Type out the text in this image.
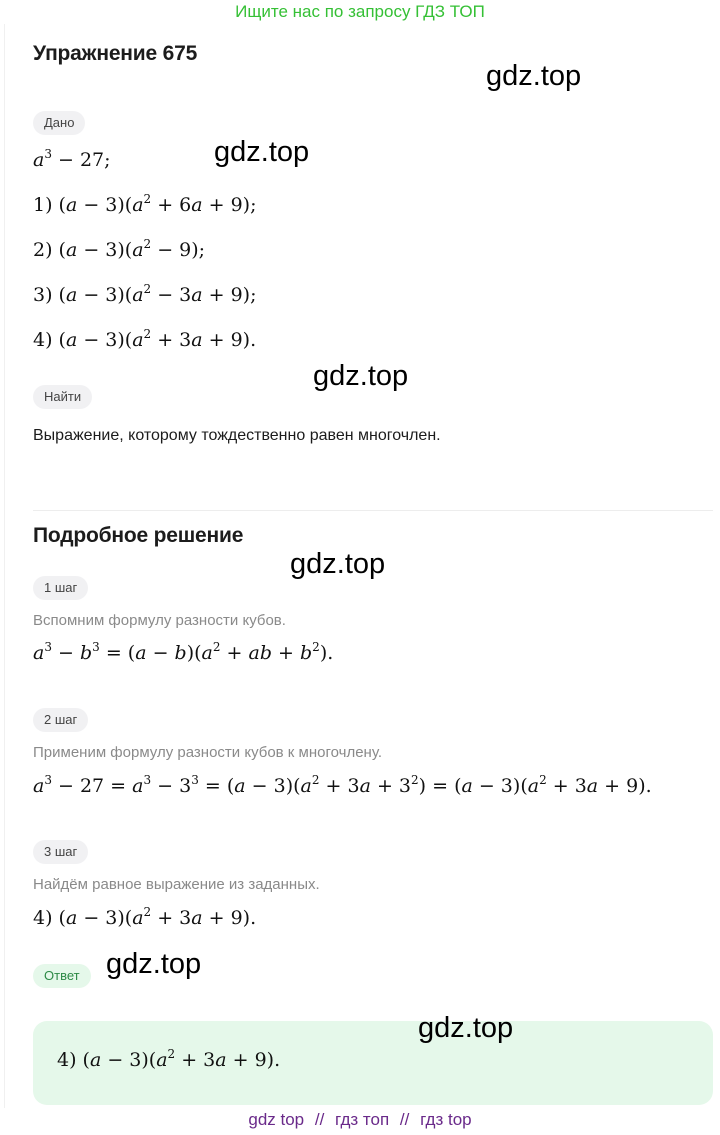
Ищите нас по запросу ГДЗ ТОП
Упражнение 675
Дано
$a^3 - 27$;
1) $(a - 3)(a^2 + 6a + 9)$;
2) $(a - 3)(a^2 - 9)$;
3) $(a - 3)(a^2 - 3a + 9)$;
4) $(a - 3)(a^2 + 3a + 9)$.
Найти
Выражение, которому тождественно равен многочлен.
Подробное решение
1 шаг
Вспомним формулу разности кубов.
$a^3 - b^3 = (a - b)(a^2$ + ab + $b^2$).
2 шаг
Применим формулу разности кубов к многочлену.
$a^3 - 27 = a^3 - 3^3 = (a - 3)(a^2 + 3a + 3^2) = (a - 3)(a^2 + 3a + 9)$.
3 шаг
Найдём равное выражение из заданных.
4) $(a - 3)(a^2 + 3a + 9)$.
Ответ
4) $(a - 3)(a^2 + 3a + 9)$.
gdz.top
gdz.top
gdz.top
gdz.top
gdz.top
gdz.top
gdz top // гдз топ // гдз top
